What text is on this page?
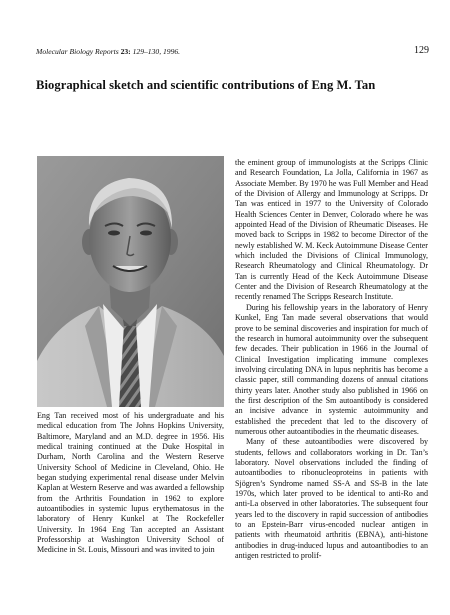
Molecular Biology Reports 23: 129–130, 1996.	129
Biographical sketch and scientific contributions of Eng M. Tan

Eng Tan received most of his undergraduate and his medical education from The Johns Hopkins University, Baltimore, Maryland and an M.D. degree in 1956. His medical training continued at the Duke Hospital in Durham, North Carolina and the Western Reserve University School of Medicine in Cleveland, Ohio. He began studying experimental renal disease under Melvin Kaplan at Western Reserve and was awarded a fellowship from the Arthritis Foundation in 1962 to explore autoantibodies in systemic lupus erythematosus in the laboratory of Henry Kunkel at The Rockefeller University. In 1964 Eng Tan accepted an Assistant Professorship at Washington University School of Medicine in St. Louis, Missouri and was invited to join

the eminent group of immunologists at the Scripps Clinic and Research Foundation, La Jolla, California in 1967 as Associate Member. By 1970 he was Full Member and Head of the Division of Allergy and Immunology at Scripps. Dr Tan was enticed in 1977 to the University of Colorado Health Sciences Center in Denver, Colorado where he was appointed Head of the Division of Rheumatic Diseases. He moved back to Scripps in 1982 to become Director of the newly established W. M. Keck Autoimmune Disease Center which included the Divisions of Clinical Immunology, Research Rheumatology and Clinical Rheumatology. Dr Tan is currently Head of the Keck Autoimmune Disease Center and the Division of Research Rheumatology at the recently renamed The Scripps Research Institute.

During his fellowship years in the laboratory of Henry Kunkel, Eng Tan made several observations that would prove to be seminal discoveries and inspiration for much of the research in humoral autoimmunity over the subsequent few decades. Their publication in 1966 in the Journal of Clinical Investigation implicating immune complexes involving circulating DNA in lupus nephritis has become a classic paper, still commanding dozens of annual citations thirty years later. Another study also published in 1966 on the first description of the Sm autoantibody is considered an incisive advance in systemic autoimmunity and established the precedent that led to the discovery of numerous other autoantibodies in the rheumatic diseases.

Many of these autoantibodies were discovered by students, fellows and collaborators working in Dr. Tan’s laboratory. Novel observations included the finding of autoantibodies to ribonucleoproteins in patients with Sjögren’s Syndrome named SS-A and SS-B in the late 1970s, which later proved to be identical to anti-Ro and anti-La observed in other laboratories. The subsequent four years led to the discovery in rapid succession of antibodies to an Epstein-Barr virus-encoded nuclear antigen in patients with rheumatoid arthritis (EBNA), anti-histone antibodies in drug-induced lupus and autoantibodies to an antigen restricted to prolif-
